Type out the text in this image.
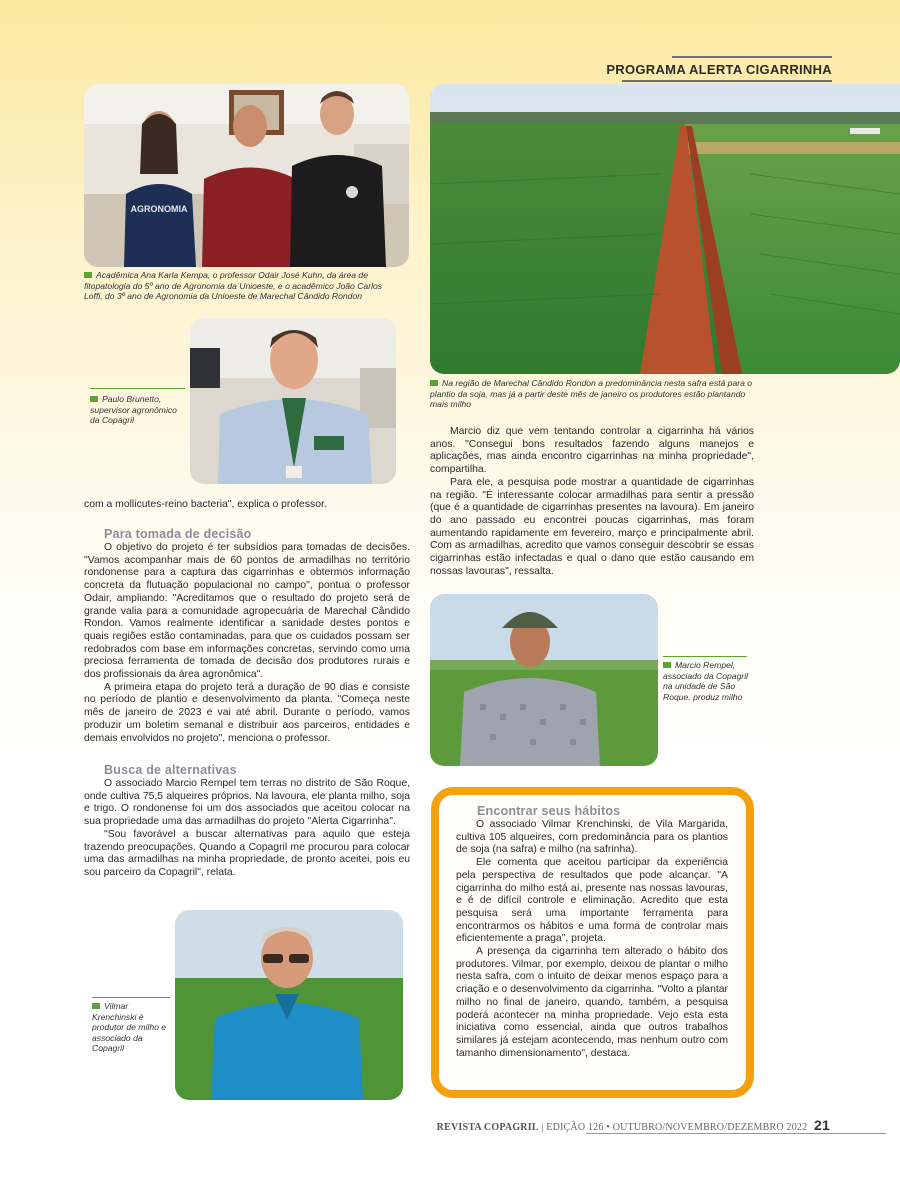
PROGRAMA ALERTA CIGARRINHA
AGRONOMIA
Acadêmica Ana Karla Kempa, o professor Odair José Kuhn, da área de fitopatologia do 5º ano de Agronomia da Unioeste, e o acadêmico João Carlos Loffi, do 3º ano de Agronomia da Unioeste de Marechal Cândido Rondon
Paulo Brunetto, supervisor agronômico da Copagril
Na região de Marechal Cândido Rondon a predominância nesta safra está para o plantio da soja, mas já a partir deste mês de janeiro os produtores estão plantando mais milho

com a mollicutes-reino bacteria", explica o professor.

Para tomada de decisão

O objetivo do projeto é ter subsídios para tomadas de decisões. "Vamos acompanhar mais de 60 pontos de armadilhas no território rondonense para a captura das cigarrinhas e obtermos informação concreta da flutuação populacional no campo", pontua o professor Odair, ampliando: "Acreditamos que o resultado do projeto será de grande valia para a comunidade agropecuária de Marechal Cândido Rondon. Vamos realmente identificar a sanidade destes pontos e quais regiões estão contaminadas, para que os cuidados possam ser redobrados com base em informações concretas, servindo como uma preciosa ferramenta de tomada de decisão dos produtores rurais e dos profissionais da área agronômica".

A primeira etapa do projeto terá a duração de 90 dias e consiste no período de plantio e desenvolvimento da planta. "Começa neste mês de janeiro de 2023 e vai até abril. Durante o período, vamos produzir um boletim semanal e distribuir aos parceiros, entidades e demais envolvidos no projeto", menciona o professor.

Busca de alternativas

O associado Marcio Rempel tem terras no distrito de São Roque, onde cultiva 75,5 alqueires próprios. Na lavoura, ele planta milho, soja e trigo. O rondonense foi um dos associados que aceitou colocar na sua propriedade uma das armadilhas do projeto "Alerta Cigarrinha".

"Sou favorável a buscar alternativas para aquilo que esteja trazendo preocupações. Quando a Copagril me procurou para colocar uma das armadilhas na minha propriedade, de pronto aceitei, pois eu sou parceiro da Copagril", relata.

Marcio diz que vem tentando controlar a cigarrinha há vários anos. "Consegui bons resultados fazendo alguns manejos e aplicações, mas ainda encontro cigarrinhas na minha propriedade", compartilha.

Para ele, a pesquisa pode mostrar a quantidade de cigarrinhas na região. "É interessante colocar armadilhas para sentir a pressão (que é a quantidade de cigarrinhas presentes na lavoura). Em janeiro do ano passado eu encontrei poucas cigarrinhas, mas foram aumentando rapidamente em fevereiro, março e principalmente abril. Com as armadilhas, acredito que vamos conseguir descobrir se essas cigarrinhas estão infectadas e qual o dano que estão causando em nossas lavouras", ressalta.

Marcio Rempel, associado da Copagril na unidade de São Roque, produz milho
Vilmar Krenchinski é produtor de milho e associado da Copagril
Encontrar seus hábitos

O associado Vilmar Krenchinski, de Vila Margarida, cultiva 105 alqueires, com predominância para os plantios de soja (na safra) e milho (na safrinha).

Ele comenta que aceitou participar da experiência pela perspectiva de resultados que pode alcançar. "A cigarrinha do milho está aí, presente nas nossas lavouras, e é de difícil controle e eliminação. Acredito que esta pesquisa será uma importante ferramenta para encontrarmos os hábitos e uma forma de controlar mais eficientemente a praga", projeta.

A presença da cigarrinha tem alterado o hábito dos produtores. Vilmar, por exemplo, deixou de plantar o milho nesta safra, com o intuito de deixar menos espaço para a criação e o desenvolvimento da cigarrinha. "Volto a plantar milho no final de janeiro, quando, também, a pesquisa poderá acontecer na minha propriedade. Vejo esta esta iniciativa como essencial, ainda que outros trabalhos similares já estejam acontecendo, mas nenhum outro com tamanho dimensionamento", destaca.

REVISTA COPAGRIL | EDIÇÃO 126 • OUTUBRO/NOVEMBRO/DEZEMBRO 2022 21
